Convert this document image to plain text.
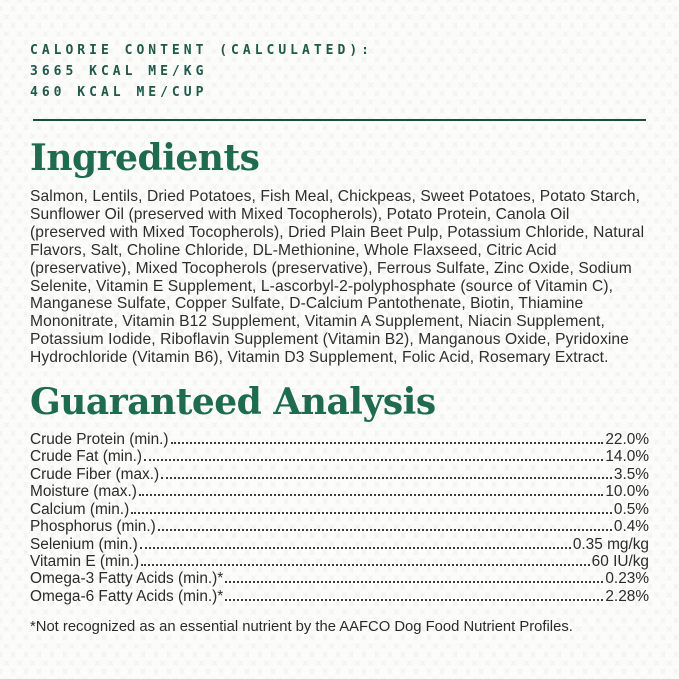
CALORIE CONTENT (CALCULATED):
3665 KCAL ME/KG
460 KCAL ME/CUP
Ingredients

Salmon, Lentils, Dried Potatoes, Fish Meal, Chickpeas, Sweet Potatoes, Potato Starch, Sunflower Oil (preserved with Mixed Tocopherols), Potato Protein, Canola Oil (preserved with Mixed Tocopherols), Dried Plain Beet Pulp, Potassium Chloride, Natural Flavors, Salt, Choline Chloride, DL-Methionine, Whole Flaxseed, Citric Acid (preservative), Mixed Tocopherols (preservative), Ferrous Sulfate, Zinc Oxide, Sodium Selenite, Vitamin E Supplement, L-ascorbyl-2-polyphosphate (source of Vitamin C), Manganese Sulfate, Copper Sulfate, D-Calcium Pantothenate, Biotin, Thiamine Mononitrate, Vitamin B12 Supplement, Vitamin A Supplement, Niacin Supplement, Potassium Iodide, Riboflavin Supplement (Vitamin B2), Manganous Oxide, Pyridoxine Hydrochloride (Vitamin B6), Vitamin D3 Supplement, Folic Acid, Rosemary Extract.

Guaranteed Analysis
Crude Protein (min.)	22.0%
Crude Fat (min.)	14.0%
Crude Fiber (max.)	3.5%
Moisture (max.)	10.0%
Calcium (min.)	0.5%
Phosphorus (min.)	0.4%
Selenium (min.)	0.35 mg/kg
Vitamin E (min.)	60 IU/kg
Omega-3 Fatty Acids (min.)*	0.23%
Omega-6 Fatty Acids (min.)*	2.28%

*Not recognized as an essential nutrient by the AAFCO Dog Food Nutrient Profiles.
